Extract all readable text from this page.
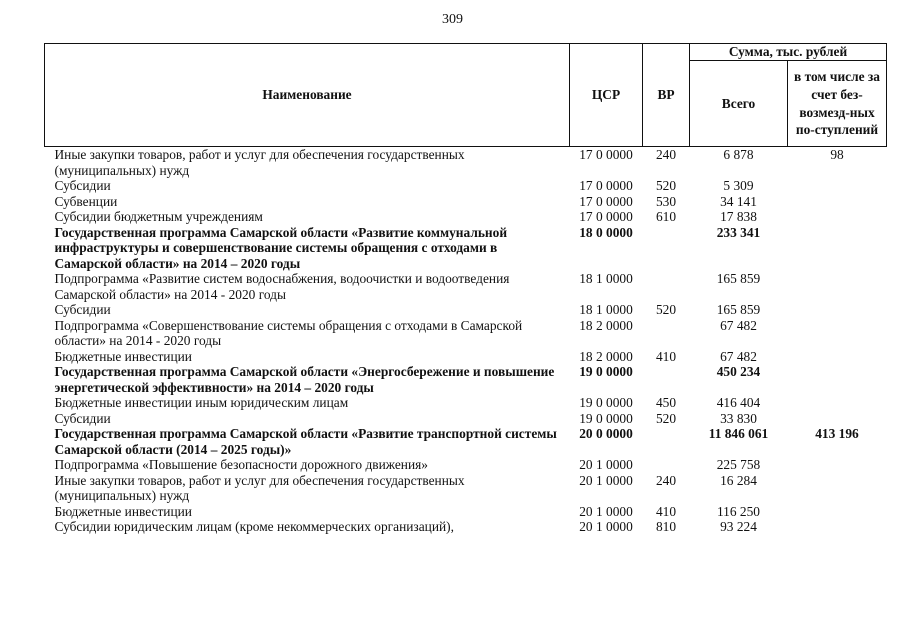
309
Наименование	ЦСР	ВР	Сумма, тыс. рублей	
			Всего	в том числе за счет без-возмезд-ных по-ступлений
Иные закупки товаров, работ и услуг для обеспечения государственных (муниципальных) нужд	17 0 0000	240	6 878	98
Субсидии	17 0 0000	520	5 309	
Субвенции	17 0 0000	530	34 141	
Субсидии бюджетным учреждениям	17 0 0000	610	17 838	
Государственная программа Самарской области «Развитие коммунальной инфраструктуры и совершенствование системы обращения с отходами в Самарской области» на 2014 – 2020 годы	18 0 0000		233 341	
Подпрограмма «Развитие систем водоснабжения, водоочистки и водоотведения Самарской области» на 2014 - 2020 годы	18 1 0000		165 859	
Субсидии	18 1 0000	520	165 859	
Подпрограмма «Совершенствование системы обращения с отходами в Самарской области» на 2014 - 2020 годы	18 2 0000		67 482	
Бюджетные инвестиции	18 2 0000	410	67 482	
Государственная программа Самарской области «Энергосбережение и повышение энергетической эффективности» на 2014 – 2020 годы	19 0 0000		450 234	
Бюджетные инвестиции иным юридическим лицам	19 0 0000	450	416 404	
Субсидии	19 0 0000	520	33 830	
Государственная программа Самарской области «Развитие транспортной системы Самарской области (2014 – 2025 годы)»	20 0 0000		11 846 061	413 196
Подпрограмма «Повышение безопасности дорожного движения»	20 1 0000		225 758	
Иные закупки товаров, работ и услуг для обеспечения государственных (муниципальных) нужд	20 1 0000	240	16 284	
Бюджетные инвестиции	20 1 0000	410	116 250	
Субсидии юридическим лицам (кроме некоммерческих организаций),	20 1 0000	810	93 224	
